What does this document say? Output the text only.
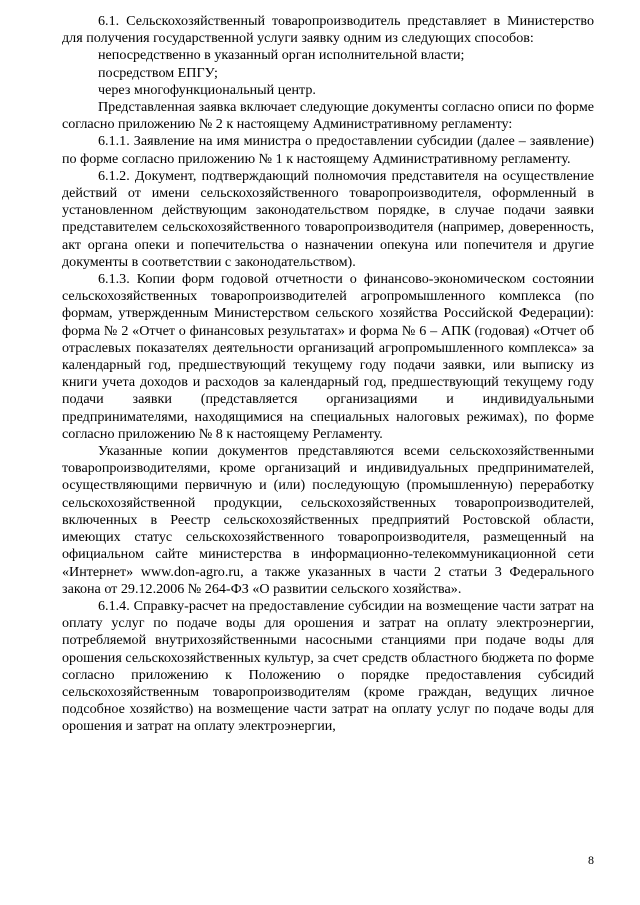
6.1. Сельскохозяйственный товаропроизводитель представляет в Министерство для получения государственной услуги заявку одним из следующих способов:

непосредственно в указанный орган исполнительной власти;

посредством ЕПГУ;

через многофункциональный центр.

Представленная заявка включает следующие документы согласно описи по форме согласно приложению № 2 к настоящему Административному регламенту:

6.1.1. Заявление на имя министра о предоставлении субсидии (далее – заявление) по форме согласно приложению № 1 к настоящему Административному регламенту.

6.1.2. Документ, подтверждающий полномочия представителя на осуществление действий от имени сельскохозяйственного товаропроизводителя, оформленный в установленном действующим законодательством порядке, в случае подачи заявки представителем сельскохозяйственного товаропроизводителя (например, доверенность, акт органа опеки и попечительства о назначении опекуна или попечителя и другие документы в соответствии с законодательством).

6.1.3. Копии форм годовой отчетности о финансово-экономическом состоянии сельскохозяйственных товаропроизводителей агропромышленного комплекса (по формам, утвержденным Министерством сельского хозяйства Российской Федерации): форма № 2 «Отчет о финансовых результатах» и форма № 6 – АПК (годовая) «Отчет об отраслевых показателях деятельности организаций агропромышленного комплекса» за календарный год, предшествующий текущему году подачи заявки, или выписку из книги учета доходов и расходов за календарный год, предшествующий текущему году подачи заявки (представляется организациями и индивидуальными предпринимателями, находящимися на специальных налоговых режимах), по форме согласно приложению № 8 к настоящему Регламенту.

Указанные копии документов представляются всеми сельскохозяйственными товаропроизводителями, кроме организаций и индивидуальных предпринимателей, осуществляющими первичную и (или) последующую (промышленную) переработку сельскохозяйственной продукции, сельскохозяйственных товаропроизводителей, включенных в Реестр сельскохозяйственных предприятий Ростовской области, имеющих статус сельскохозяйственного товаропроизводителя, размещенный на официальном сайте министерства в информационно-телекоммуникационной сети «Интернет» www.don-agro.ru, а также указанных в части 2 статьи 3 Федерального закона от 29.12.2006 № 264-ФЗ «О развитии сельского хозяйства».

6.1.4. Справку-расчет на предоставление субсидии на возмещение части затрат на оплату услуг по подаче воды для орошения и затрат на оплату электроэнергии, потребляемой внутрихозяйственными насосными станциями при подаче воды для орошения сельскохозяйственных культур, за счет средств областного бюджета по форме согласно приложению к Положению о порядке предоставления субсидий сельскохозяйственным товаропроизводителям (кроме граждан, ведущих личное подсобное хозяйство) на возмещение части затрат на оплату услуг по подаче воды для орошения и затрат на оплату электроэнергии,

8
